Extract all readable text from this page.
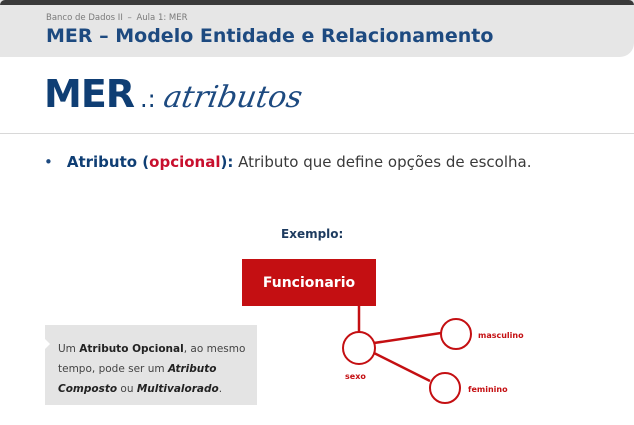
Banco de Dados II – Aula 1: MER
MER – Modelo Entidade e Relacionamento
MER .: atributos
• Atributo (opcional): Atributo que define opções de escolha.
Exemplo:
Funcionario
sexo
masculino
feminino
Um Atributo Opcional, ao mesmo tempo, pode ser um Atributo Composto ou Multivalorado.
